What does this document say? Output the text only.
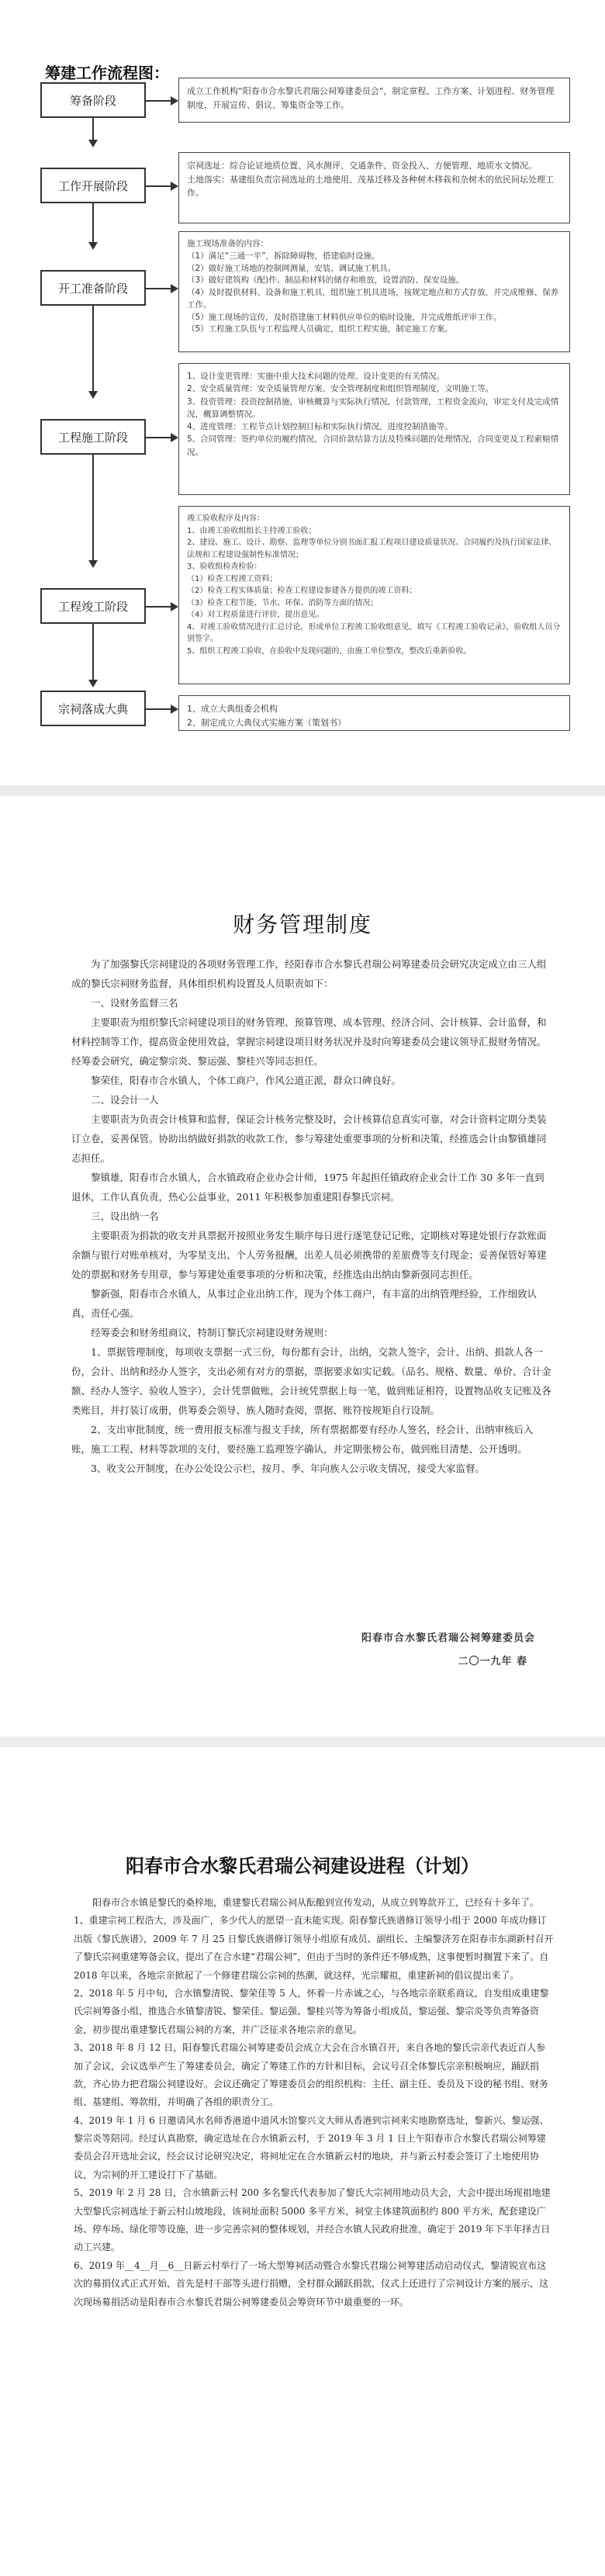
筹建工作流程图：
筹备阶段

成立工作机构“阳春市合水黎氏君瑞公祠筹建委员会”，制定章程、工作方案、计划进程、财务管理制度，开展宣传、倡议、筹集资金等工作。

工作开展阶段

宗祠选址：综合论证地质位置、风水测评、交通条件、资金投入、方便管理、地质水文情况。

土地落实：基建组负责宗祠选址的土地使用、茂基迁移及各种树木移栽和杂树木的依民间坛处理工作。

开工准备阶段

施工现场准备的内容：

（1）满足“三通一平”，拆除障碍物，搭建临时设施。

（2）做好施工场地的控制网测量，安装、调试施工机具。

（3）做好建筑构（配)件、制品和材料的储存和堆放，设置消防、保安设施。

（4）及时提供材料、设备和施工机具，组织施工机具进场，按规定地点和方式存放，并完成维修、保养工作。

（5）施工现场的宣传，及时搭建施工材料供应单位的临时设施，并完成维纸评审工作。

（5）工程施工队伍与工程监理人员确定，组织工程实施，制定施工方案。

工程施工阶段

1、设计变更管理：实施中重大技术问题的处理、设计变更的有关情况。

2、安全质量管理：安全质量管理方案、安全管理制度和组织管理制度，文明施工等。

3、投资管理：投资控制措施，审核概算与实际执行情况，付款管理，工程资金流向，审定支付及完成情况，概算调整情况。

4、进度管理：工程节点计划控制目标和实际执行情况，进度控制措施等。

5、合同管理：签约单位的履约情况，合同价款结算方法及特殊问题的处理情况，合同变更及工程索赔情况。

工程竣工阶段

竣工验收程序及内容：

1、由竣工验收组组长主持竣工验收；

2、建设、施工、设计、勘察、监理等单位分别书面汇报工程项目建设质量状况、合同履约及执行国家法律、法规和工程建设强制性标准情况；

3、验收组检查检验：

（1）检查工程竣工资料；

（2）检查工程实体质量；检查工程建设参建各方提供的竣工资料；

（3）检查工程节能、节水、环保、消防等方面的情况；

（4）对工程质量进行评价，提出意见。

4、对竣工验收情况进行汇总讨论，形成单位工程竣工验收组意见，填写《工程竣工验收记录》，验收组人员分别签字。

5、组织工程竣工验收，在验收中发现问题的，由施工单位整改，整改后重新验收。

宗祠落成大典	1、成立大典组委会机构

2、制定成立大典仪式实施方案（策划书）

财务管理制度

为了加强黎氏宗祠建设的各项财务管理工作，经阳春市合水黎氏君瑞公祠筹建委员会研究决定成立由三人组成的黎氏宗祠财务监督，具体组织机构设置及人员职责如下：

一、设财务监督三名

主要职责为组织黎氏宗祠建设项目的财务管理、预算管理、成本管理、经济合同、会计核算、会计监督，和材料控制等工作，提高资金使用效益，掌握宗祠建设项目财务状况并及时向筹建委员会建议领导汇报财务情况。经筹委会研究，确定黎宗炎、黎运强、黎桂兴等同志担任。

黎荣佳，阳春市合水镇人，个体工商户，作风公道正派，群众口碑良好。

二、设会计一人

主要职责为负责会计核算和监督，保证会计核务完整及时，会计核算信息真实可靠，对会计资料定期分类装订立卷，妥善保管。协助出纳做好捐款的收款工作，参与筹建处重要事项的分析和决策，经推选会计由黎镇雄同志担任。

黎镇雄，阳春市合水镇人，合水镇政府企业办会计师，1975 年起担任镇政府企业会计工作 30 多年一直到退休，工作认真负责，热心公益事业，2011 年积极参加重建阳春黎氏宗祠。

三、设出纳一名

主要职责为捐款的收支并具票据开按照业务发生顺序每日进行逐笔登记记账，定期核对筹建处银行存款账面余额与银行对账单核对，为零星支出、个人劳务报酬，出差人员必须携带的差旅费等支付现金；妥善保管好筹建处的票据和财务专用章，参与筹建处重要事项的分析和决策，经推选由出纳由黎新强同志担任。

黎新强，阳春市合水镇人，从事过企业出纳工作，现为个体工商户，有丰富的出纳管理经验，工作细致认真，责任心强。

经筹委会和财务组商议，特制订黎氏宗祠建设财务规则：

1、票据管理制度，每项收支票据一式三份，每份都有会计，出纳，交款人签字，会计、出纳、捐款人各一份，会计、出纳和经办人签字，支出必须有对方的票据，票据要求如实记载。（品名、规格、数量、单价、合计金额、经办人签字、验收人签字），会计凭票做账，会计统凭票据上每一笔，做到账证相符，设置物品收支记账及各类账目，并打装订成册，供筹委会领导、族人随时查阅，票据、账符按规矩自行设制。

2、支出审批制度，统一费用报支标准与报支手续，所有票据都要有经办人签名，经会计、出纳审核后入账，施工工程、材料等款项的支付，要经施工监理签字确认，并定期张榜公布，做到账目清楚、公开透明。

3、收支公开制度，在办公处设公示栏，按月、季、年向族人公示收支情况，接受大家监督。

阳春市合水黎氏君瑞公祠筹建委员会
二〇一九年 春
阳春市合水黎氏君瑞公祠建设进程（计划）

阳春市合水镇是黎氏的桑梓地，重建黎氏君瑞公祠从酝酿到宣传发动，从成立到筹款开工，已经有十多年了。

1、重建宗祠工程浩大，涉及面广，多少代人的愿望一直未能实现。阳春黎氏族谱修订领导小组于 2000 年成功修订出版《黎氏族谱》，2009 年 7 月 25 日黎氏族谱修订领导小组原有成员、副组长、主编黎济芳在阳春市东湖新村召开了黎氏宗祠重建筹备会议，提出了在合水建“君瑞公祠”，但由于当时的条件还不够成熟，这事便暂时搁置下来了。自 2018 年以来，各地宗亲掀起了一个修建君瑞公宗祠的热潮，就这样，光宗耀祖，重建新祠的倡议提出来了。

2、2018 年 5 月中旬，合水镇黎清锐、黎荣佳等 5 人，怀着一片赤诚之心，与各地宗亲联系商议，自发组成重建黎氏宗祠筹备小组，推选合水镇黎清锐、黎荣佳、黎运强、黎桂兴等为筹备小组成员，黎运强、黎宗炎等负责筹备资金，初步提出重建黎氏君瑞公祠的方案，并广泛征求各地宗亲的意见。

3、2018 年 8 月 12 日，阳春黎氏君瑞公祠筹建委员会成立大会在合水镇召开，来自各地的黎氏宗亲代表近百人参加了会议，会议选举产生了筹建委员会，确定了筹建工作的方针和目标，会议号召全体黎氏宗亲积极响应，踊跃捐款，齐心协力把君瑞公祠建设好。会议还确定了筹建委员会的组织机构：主任、副主任、委员及下设的秘书组、财务组、基建组、筹款组，并明确了各组的职责分工。

4、2019 年 1 月 6 日邀请风水名师香港道中道风水馆黎兴文大师从香港到宗祠来实地勘察选址，黎新兴、黎运强、黎宗炎等陪同。经过认真勘察，确定选址在合水镇新云村，于 2019 年 3 月 1 日上午阳春市合水黎氏君瑞公祠筹建委员会召开选址会议，经会议讨论研究决定，将祠址定在合水镇新云村的地块，并与新云村委会签订了土地使用协议，为宗祠的开工建设打下了基础。

5、2019 年 2 月 28 日，合水镇新云村 200 多名黎氏代表参加了黎氏大宗祠用地动员大会，大会中提出场现祖地建大型黎氏宗祠选址于新云村山坡地段，该祠址面积 5000 多平方米，祠堂主体建筑面积约 800 平方米，配套建设广场、停车场、绿化带等设施，进一步完善宗祠的整体规划，并经合水镇人民政府批准，确定于 2019 年下半年择吉日动工兴建。

6、2019 年__4__月__6__日新云村举行了一场大型筹祠活动暨合水黎氏君瑞公祠筹建活动启动仪式，黎清锐宣布这次的募捐仪式正式开始，首先是村干部等头进行捐赠，全村群众踊跃捐款，仪式上还进行了宗祠设计方案的展示，这次现场募捐活动是阳春市合水黎氏君瑞公祠筹建委员会筹资环节中最重要的一环。
